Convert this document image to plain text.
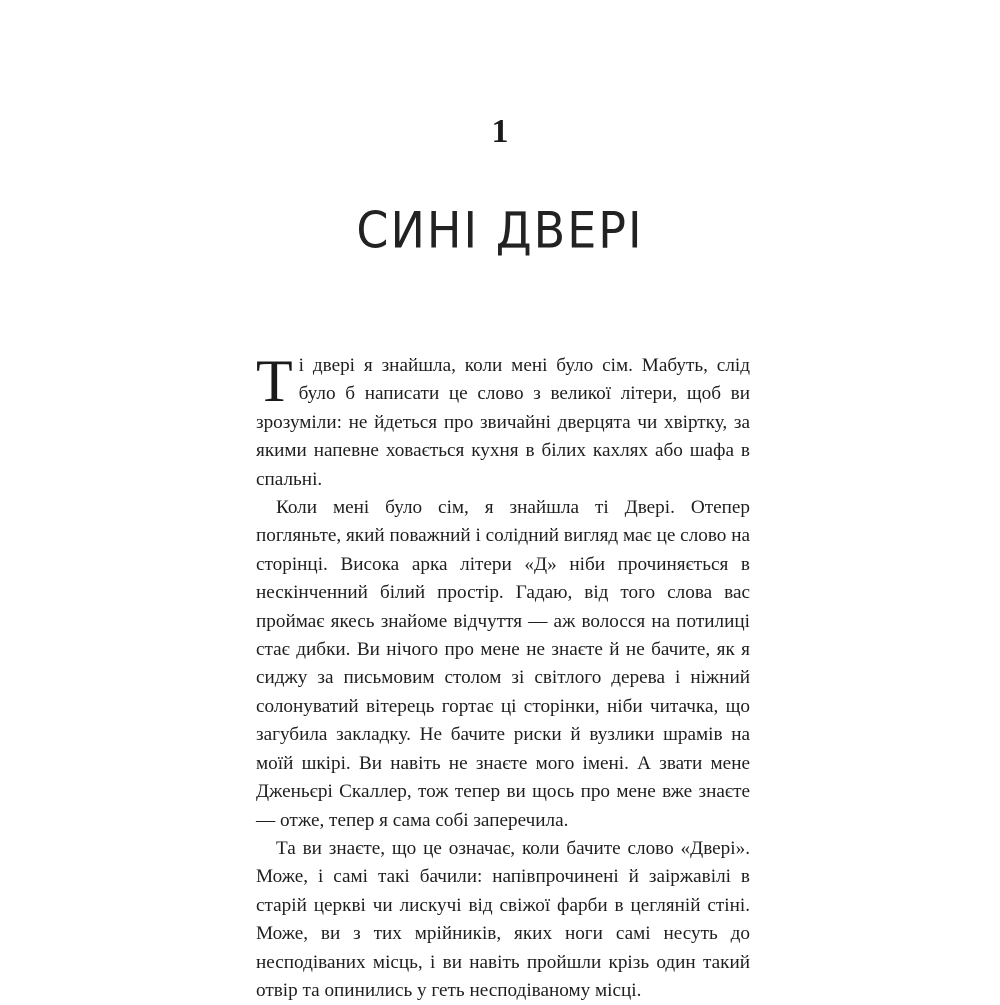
1
СИНІ ДВЕРІ

Ті двері я знайшла, коли мені було сім. Мабуть, слід було б написати це слово з великої літери, щоб ви зрозуміли: не йдеться про звичайні дверцята чи хвіртку, за якими напевне ховається кухня в білих кахлях або шафа в спальні.

Коли мені було сім, я знайшла ті Двері. Отепер погляньте, який поважний і солідний вигляд має це слово на сторінці. Висока арка літери «Д» ніби прочиняється в нескінченний білий простір. Гадаю, від того слова вас проймає якесь знайоме відчуття — аж волосся на потилиці стає дибки. Ви нічого про мене не знаєте й не бачите, як я сиджу за письмовим столом зі світлого дерева і ніжний солонуватий вітерець гортає ці сторінки, ніби читачка, що загубила закладку. Не бачите риски й вузлики шрамів на моїй шкірі. Ви навіть не знаєте мого імені. А звати мене Дженьєрі Скаллер, тож тепер ви щось про мене вже знаєте — отже, тепер я сама собі заперечила.

Та ви знаєте, що це означає, коли бачите слово «Двері». Може, і самі такі бачили: напівпрочинені й заіржавілі в старій церкві чи лискучі від свіжої фарби в цегляній стіні. Може, ви з тих мрійників, яких ноги самі несуть до несподіваних місць, і ви навіть пройшли крізь один такий отвір та опинились у геть несподіваному місці.
